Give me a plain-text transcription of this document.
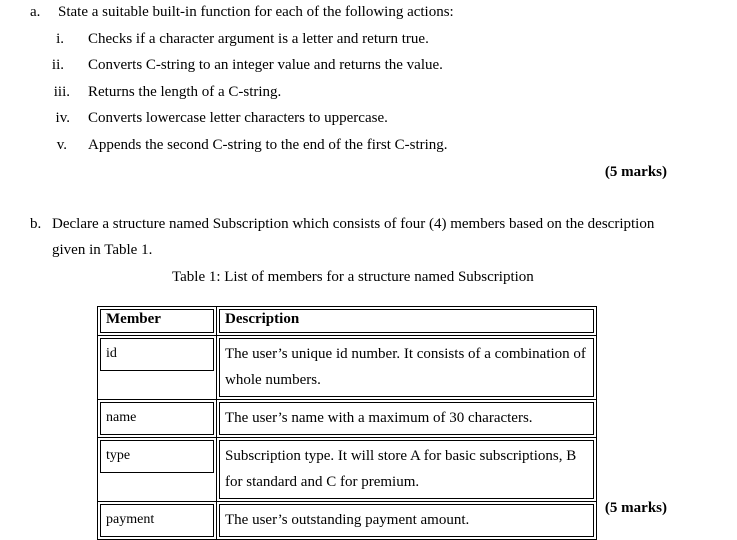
a. State a suitable built-in function for each of the following actions:
i. Checks if a character argument is a letter and return true.
ii. Converts C-string to an integer value and returns the value.
iii. Returns the length of a C-string.
iv. Converts lowercase letter characters to uppercase.
v. Appends the second C-string to the end of the first C-string.
(5 marks)
b. Declare a structure named Subscription which consists of four (4) members based on the description
given in Table 1.
Table 1: List of members for a structure named Subscription
Member	Description

id	The user’s unique id number. It consists of a combination of whole numbers.

name	The user’s name with a maximum of 30 characters.

type	Subscription type. It will store A for basic subscriptions, B for standard and C for premium.

payment	The user’s outstanding payment amount.
(5 marks)
